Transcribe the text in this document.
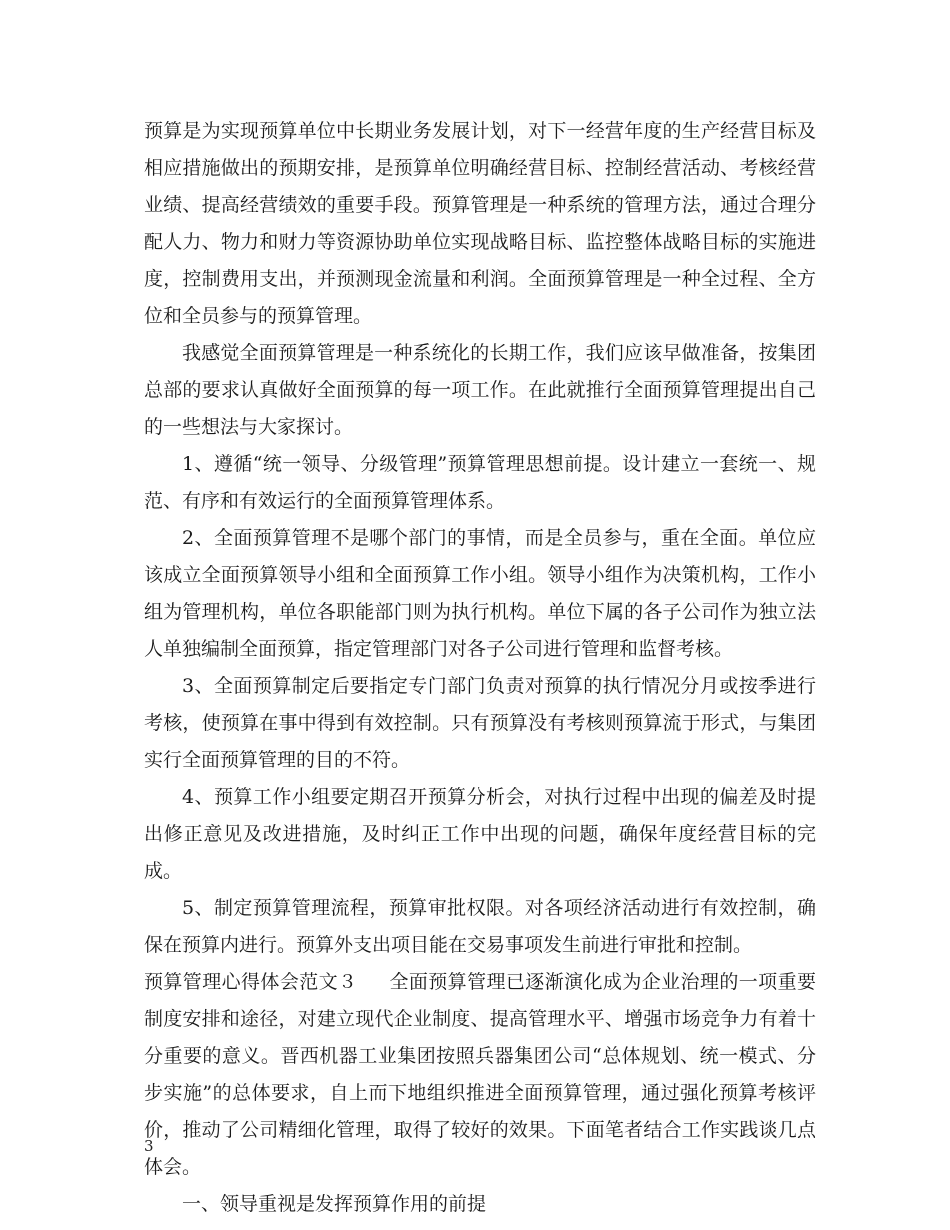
预算是为实现预算单位中长期业务发展计划，对下一经营年度的生产经营目标及相应措施做出的预期安排，是预算单位明确经营目标、控制经营活动、考核经营业绩、提高经营绩效的重要手段。预算管理是一种系统的管理方法，通过合理分配人力、物力和财力等资源协助单位实现战略目标、监控整体战略目标的实施进度，控制费用支出，并预测现金流量和利润。全面预算管理是一种全过程、全方位和全员参与的预算管理。

我感觉全面预算管理是一种系统化的长期工作，我们应该早做准备，按集团总部的要求认真做好全面预算的每一项工作。在此就推行全面预算管理提出自己的一些想法与大家探讨。

1、遵循“统一领导、分级管理”预算管理思想前提。设计建立一套统一、规范、有序和有效运行的全面预算管理体系。

2、全面预算管理不是哪个部门的事情，而是全员参与，重在全面。单位应该成立全面预算领导小组和全面预算工作小组。领导小组作为决策机构，工作小组为管理机构，单位各职能部门则为执行机构。单位下属的各子公司作为独立法人单独编制全面预算，指定管理部门对各子公司进行管理和监督考核。

3、全面预算制定后要指定专门部门负责对预算的执行情况分月或按季进行考核，使预算在事中得到有效控制。只有预算没有考核则预算流于形式，与集团实行全面预算管理的目的不符。

4、预算工作小组要定期召开预算分析会，对执行过程中出现的偏差及时提出修正意见及改进措施，及时纠正工作中出现的问题，确保年度经营目标的完成。

5、制定预算管理流程，预算审批权限。对各项经济活动进行有效控制，确保在预算内进行。预算外支出项目能在交易事项发生前进行审批和控制。

预算管理心得体会范文３ 全面预算管理已逐渐演化成为企业治理的一项重要制度安排和途径，对建立现代企业制度、提高管理水平、增强市场竞争力有着十分重要的意义。晋西机器工业集团按照兵器集团公司“总体规划、统一模式、分步实施”的总体要求，自上而下地组织推进全面预算管理，通过强化预算考核评价，推动了公司精细化管理，取得了较好的效果。下面笔者结合工作实践谈几点体会。

一、领导重视是发挥预算作用的前提

3
